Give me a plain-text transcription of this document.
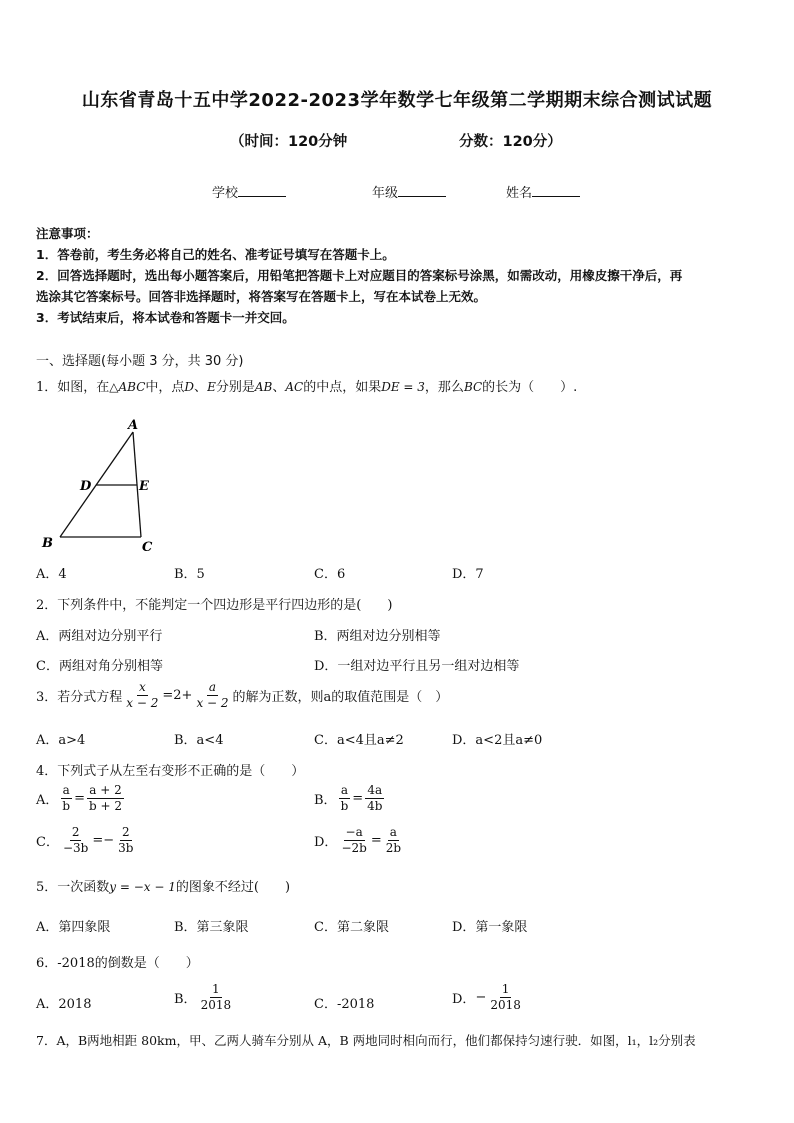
山东省青岛十五中学2022-2023学年数学七年级第二学期期末综合测试试题
（时间：120分钟	分数：120分）
学校	年级	姓名
注意事项：
1．答卷前，考生务必将自己的姓名、准考证号填写在答题卡上。
2．回答选择题时，选出每小题答案后，用铅笔把答题卡上对应题目的答案标号涂黑，如需改动，用橡皮擦干净后，再
选涂其它答案标号。回答非选择题时，将答案写在答题卡上，写在本试卷上无效。
3．考试结束后，将本试卷和答题卡一并交回。
一、选择题(每小题 3 分，共 30 分)
1．如图，在△ABC中，点D、E分别是AB、AC的中点，如果DE = 3，那么BC的长为（　　）.
A
D	E
B	C
A．4	B．5	C．6	D．7
2．下列条件中，不能判定一个四边形是平行四边形的是(　　)
A．两组对边分别平行	B．两组对边分别相等
C．两组对角分别相等	D．一组对边平行且另一组对边相等
3．若分式方程 $\frac{x}{x - 2} =2+ \frac{a}{x - 2}$ 的解为正数，则a的取值范围是（　）
A．a>4	B．a<4	C．a<4且a≠2	D．a<2且a≠0
4．下列式子从左至右变形不正确的是（　　）
A． $\frac{a}{b} = \frac{a + 2}{b + 2}$	B． $\frac{a}{b} = \frac{4a}{4b}$
C． $\frac{2}{-3b} =- \frac{2}{3b}$	D． $\frac{-a}{-2b} = \frac{a}{2b}$
5．一次函数y = −x − 1的图象不经过(　　)
A．第四象限	B．第三象限	C．第二象限	D．第一象限
6．-2018的倒数是（　　）
A．2018	B． $\frac{1}{2018}$	C．-2018	D． − $\frac{1}{2018}$
7．A，B两地相距 80km，甲、乙两人骑车分别从 A，B 两地同时相向而行，他们都保持匀速行驶．如图，l₁，l₂分别表
